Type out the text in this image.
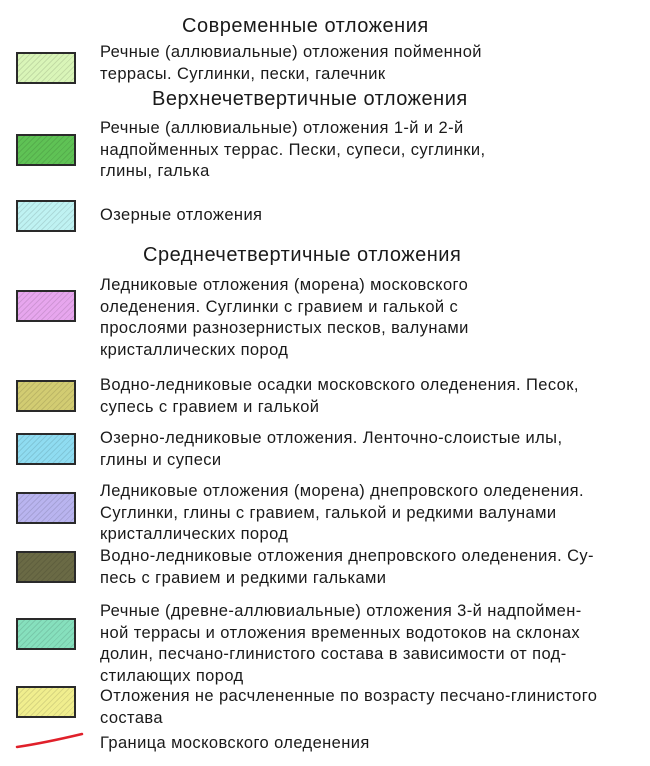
Современные отложения
Речные (аллювиальные) отложения пойменной
террасы. Суглинки, пески, галечник
Верхнечетвертичные отложения
Речные (аллювиальные) отложения 1-й и 2-й
надпойменных террас. Пески, супеси, суглинки,
глины, галька
Озерные отложения
Среднечетвертичные отложения
Ледниковые отложения (морена) московского
оледенения. Суглинки с гравием и галькой с
прослоями разнозернистых песков, валунами
кристаллических пород
Водно-ледниковые осадки московского оледенения. Песок,
супесь с гравием и галькой
Озерно-ледниковые отложения. Ленточно-слоистые илы,
глины и супеси
Ледниковые отложения (морена) днепровского оледенения.
Суглинки, глины с гравием, галькой и редкими валунами
кристаллических пород
Водно-ледниковые отложения днепровского оледенения. Су-
песь с гравием и редкими гальками
Речные (древне-аллювиальные) отложения 3-й надпоймен-
ной террасы и отложения временных водотоков на склонах
долин, песчано-глинистого состава в зависимости от под-
стилающих пород
Отложения не расчлененные по возрасту песчано-глинистого
состава
Граница московского оледенения
